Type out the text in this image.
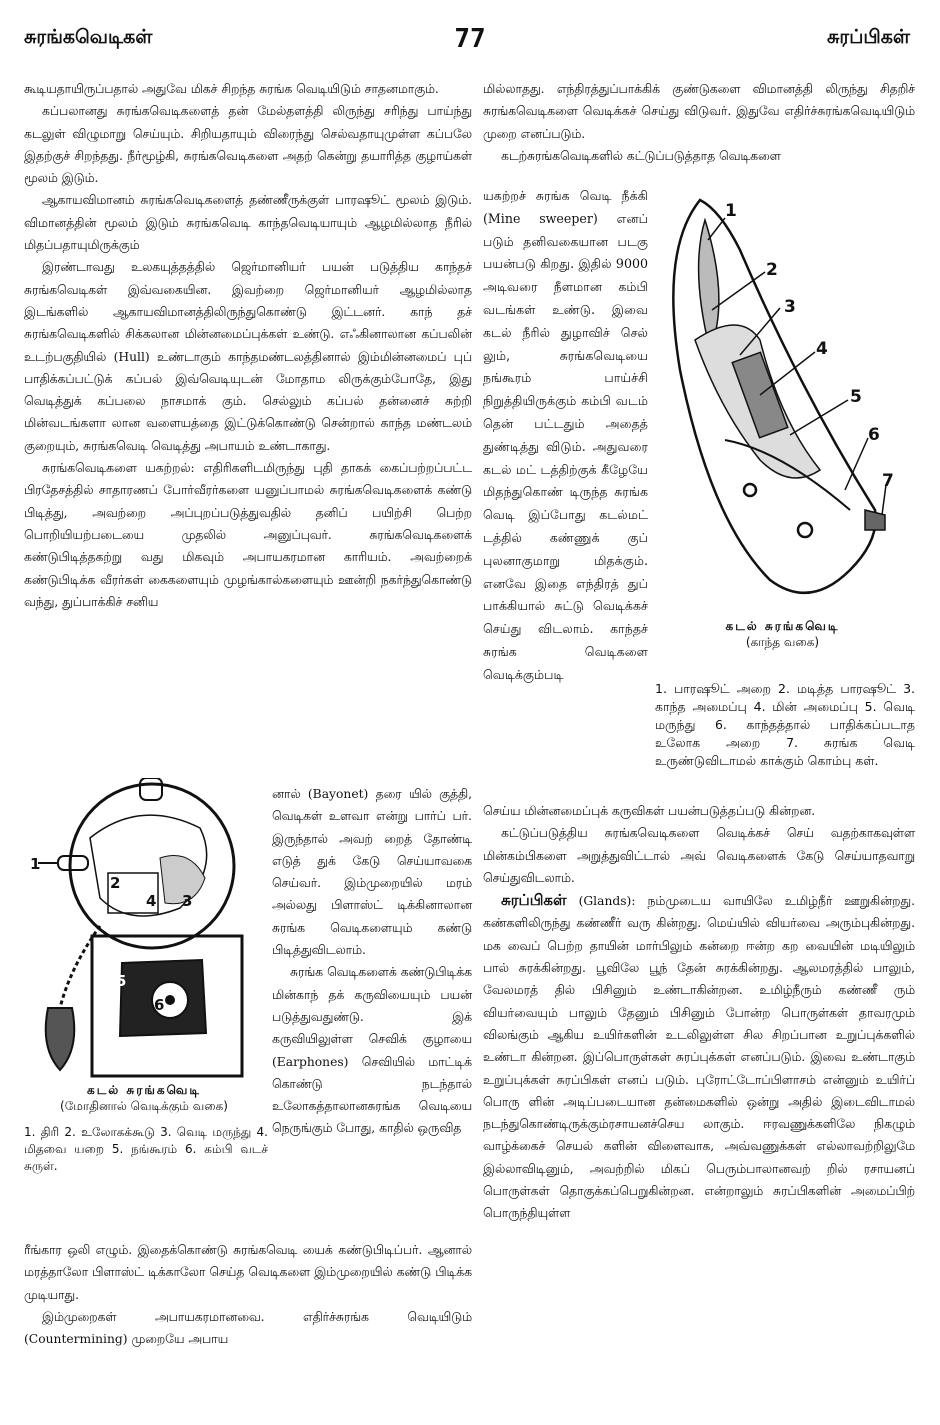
சுரங்கவெடிகள்	77	சுரப்பிகள்

கூடியதாயிருப்பதால் அதுவே மிகச் சிறந்த சுரங்க வெடியிடும் சாதனமாகும்.

கப்பலானது சுரங்கவெடிகளைத் தன் மேல்தளத்தி லிருந்து சரிந்து பாய்ந்து கடலுள் விழுமாறு செய்யும். சிறியதாயும் விரைந்து செல்வதாயுமுள்ள கப்பலே இதற்குச் சிறந்தது. நீர்மூழ்கி, சுரங்கவெடிகளை அதற் கென்று தயாரித்த குழாய்கள் மூலம் இடும்.

ஆகாயவிமானம் சுரங்கவெடிகளைத் தண்ணீருக்குள் பாரஷூட் மூலம் இடும். விமானத்தின் மூலம் இடும் சுரங்கவெடி காந்தவெடியாயும் ஆழமில்லாத நீரில் மிதப்பதாயுமிருக்கும்

இரண்டாவது உலகயுத்தத்தில் ஜெர்மானியர் பயன் படுத்திய காந்தச் சுரங்கவெடிகள் இவ்வகையின. இவற்றை ஜெர்மானியர் ஆழமில்லாத இடங்களில் ஆகாயவிமானத்திலிருந்துகொண்டு இட்டனர். காந் தச் சுரங்கவெடிகளில் சிக்கலான மின்னமைப்புக்கள் உண்டு. எஃகினாலான கப்பலின் உடற்பகுதியில் (Hull) உண்டாகும் காந்தமண்டலத்தினால் இம்மின்னமைப் புப் பாதிக்கப்பட்டுக் கப்பல் இவ்வெடியுடன் மோதாம லிருக்கும்போதே, இது வெடித்துக் கப்பலை நாசமாக் கும். செல்லும் கப்பல் தன்னைச் சுற்றி மின்வடங்களா லான வளையத்தை இட்டுக்கொண்டு சென்றால் காந்த மண்டலம் குறையும், சுரங்கவெடி வெடித்து அபாயம் உண்டாகாது.

சுரங்கவெடிகளை யகற்றல்: எதிரிகளிடமிருந்து புதி தாகக் கைப்பற்றப்பட்ட பிரதேசத்தில் சாதாரணப் போர்வீரர்களை யனுப்பாமல் சுரங்கவெடிகளைக் கண்டு பிடித்து, அவற்றை அப்புறப்படுத்துவதில் தனிப் பயிற்சி பெற்ற பொறியியற்படையை முதலில் அனுப்புவர். சுரங்கவெடிகளைக் கண்டுபிடித்தகற்று வது மிகவும் அபாயகரமான காரியம். அவற்றைக் கண்டுபிடிக்க வீரர்கள் கைகளையும் முழங்கால்களையும் ஊன்றி நகர்ந்துகொண்டு வந்து, துப்பாக்கிச் சனிய

1
2
3
4
5
6

னால் (Bayonet) தரை யில் குத்தி, வெடிகள் உளவா என்று பார்ப் பர். இருந்தால் அவற் றைத் தோண்டி எடுத் துக் கேடு செய்யாவகை செய்வர். இம்முறையில் மரம் அல்லது பிளாஸ்ட் டிக்கினாலான சுரங்க வெடிகளையும் கண்டு பிடித்துவிடலாம்.

சுரங்க வெடிகளைக் கண்டுபிடிக்க மின்காந் தக் கருவியையும் பயன் படுத்துவதுண்டு. இக் கருவியிலுள்ள செவிக் குழாயை (Earphones) செவியில் மாட்டிக் கொண்டு நடந்தால் உலோகத்தாலானசுரங்க வெடியை நெருங்கும் போது, காதில் ஒருவித

கடல் சுரங்கவெடி
(மோதினால் வெடிக்கும் வகை)
1. திரி 2. உலோகக்கூடு 3. வெடி மருந்து 4. மிதவை யறை 5. நங்கூரம் 6. கம்பி வடச் சுருள்.

ரீங்கார ஒலி எழும். இதைக்கொண்டு சுரங்கவெடி யைக் கண்டுபிடிப்பர். ஆனால் மரத்தாலோ பிளாஸ்ட் டிக்காலோ செய்த வெடிகளை இம்முறையில் கண்டு பிடிக்க முடியாது.

இம்முறைகள் அபாயகரமானவை. எதிர்ச்சுரங்க வெடியிடும் (Countermining) முறையே அபாய

மில்லாதது. எந்திரத்துப்பாக்கிக் குண்டுகளை விமானத்தி லிருந்து சிதறிச் சுரங்கவெடிகளை வெடிக்கச் செய்து விடுவர். இதுவே எதிர்ச்சுரங்கவெடியிடும் முறை எனப்படும்.

கடற்சுரங்கவெடிகளில் கட்டுப்படுத்தாத வெடிகளை

யகற்றச் சுரங்க வெடி நீக்கி (Mine sweeper) எனப் படும் தனிவகையான படகு பயன்படு கிறது. இதில் 9000 அடிவரை நீளமான கம்பி வடங்கள் உண்டு. இவை கடல் நீரில் துழாவிச் செல் லும், சுரங்கவெடியை நங்கூரம் பாய்ச்சி நிறுத்தியிருக்கும் கம்பி வடம் தென் பட்டதும் அதைத் துண்டித்து விடும். அதுவரை கடல் மட் டத்திற்குக் கீழேயே மிதந்துகொண் டிருந்த சுரங்க வெடி இப்போது கடல்மட் டத்தில் கண்ணுக் குப் புலனாகுமாறு மிதக்கும். எனவே இதை எந்திரத் துப் பாக்கியால் சுட்டு வெடிக்கச் செய்து விடலாம். காந்தச் சுரங்க வெடிகளை வெடிக்கும்படி

1
2
3
4
5
6
7
கடல் சுரங்கவெடி
(காந்த வகை)
1. பாரஷூட் அறை 2. மடித்த பாரஷூட் 3. காந்த அமைப்பு 4. மின் அமைப்பு 5. வெடி மருந்து 6. காந்தத்தால் பாதிக்கப்படாத உலோக அறை 7. சுரங்க வெடி உருண்டுவிடாமல் காக்கும் கொம்பு கள்.

செய்ய மின்னமைப்புக் கருவிகள் பயன்படுத்தப்படு கின்றன.

கட்டுப்படுத்திய சுரங்கவெடிகளை வெடிக்கச் செய் வதற்காகவுள்ள மின்கம்பிகளை அறுத்துவிட்டால் அவ் வெடிகளைக் கேடு செய்யாதவாறு செய்துவிடலாம்.

சுரப்பிகள் (Glands): நம்முடைய வாயிலே உமிழ்நீர் ஊறுகின்றது. கண்களிலிருந்து கண்ணீர் வரு கின்றது. மெய்யில் வியர்வை அரும்புகின்றது. மக வைப் பெற்ற தாயின் மார்பிலும் கன்றை ஈன்ற கற வையின் மடியிலும் பால் சுரக்கின்றது. பூவிலே பூந் தேன் சுரக்கின்றது. ஆலமரத்தில் பாலும், வேலமரத் தில் பிசினும் உண்டாகின்றன. உமிழ்நீரும் கண்ணீ ரும் வியர்வையும் பாலும் தேனும் பிசினும் போன்ற பொருள்கள் தாவரமும் விலங்கும் ஆகிய உயிர்களின் உடலிலுள்ள சில சிறப்பான உறுப்புக்களில் உண்டா கின்றன. இப்பொருள்கள் சுரப்புக்கள் எனப்படும். இவை உண்டாகும் உறுப்புக்கள் சுரப்பிகள் எனப் படும். புரோட்டோப்பிளாசம் என்னும் உயிர்ப் பொரு ளின் அடிப்படையான தன்மைகளில் ஒன்று அதில் இடைவிடாமல் நடந்துகொண்டிருக்கும்ரசாயனச்செய லாகும். ஈரவணுக்களிலே நிகழும் வாழ்க்கைச் செயல் களின் விளைவாக, அவ்வணுக்கள் எல்லாவற்றிலுமே இல்லாவிடினும், அவற்றில் மிகப் பெரும்பாலானவற் றில் ரசாயனப் பொருள்கள் தொகுக்கப்பெறுகின்றன. என்றாலும் சுரப்பிகளின் அமைப்பிற் பொருந்தியுள்ள
